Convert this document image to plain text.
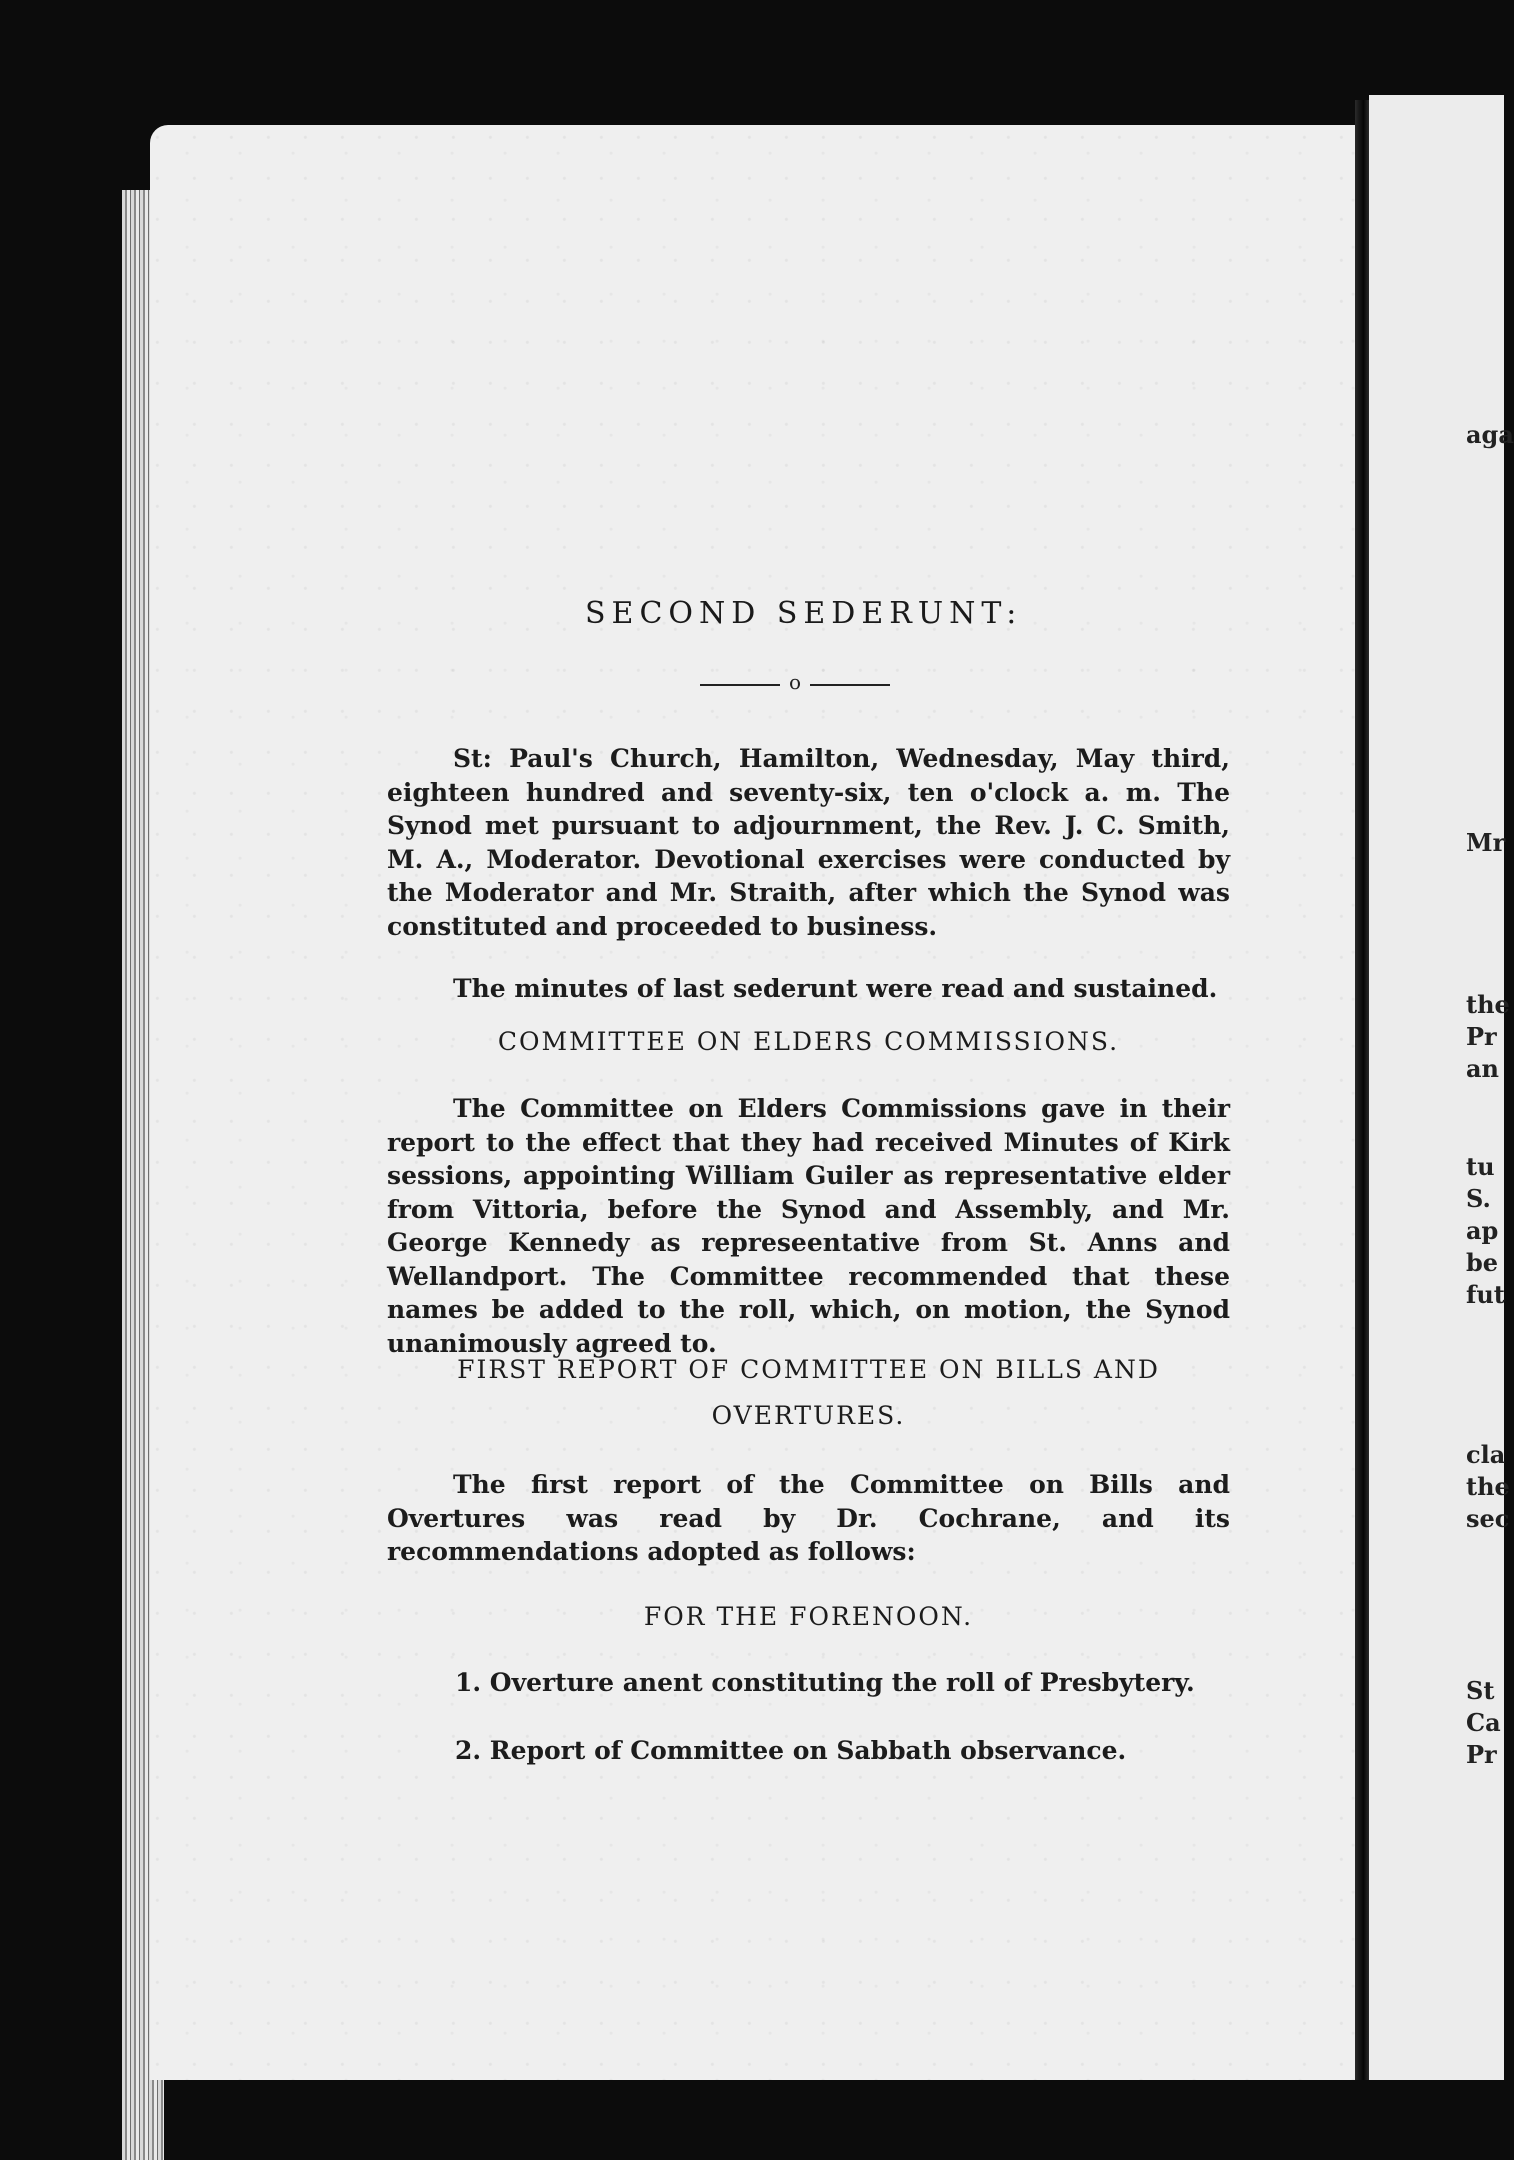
SECOND SEDERUNT:
o
St: Paul's Church, Hamilton, Wednesday, May third, eighteen hundred and seventy-six, ten o'clock a. m. The Synod met pursuant to adjournment, the Rev. J. C. Smith, M. A., Moderator. Devotional exercises were conducted by the Moderator and Mr. Straith, after which the Synod was constituted and proceeded to business.
The minutes of last sederunt were read and sustained.
COMMITTEE ON ELDERS COMMISSIONS.
The Committee on Elders Commissions gave in their report to the effect that they had received Minutes of Kirk sessions, appointing William Guiler as representative elder from Vittoria, before the Synod and Assembly, and Mr. George Kennedy as represeentative from St. Anns and Wellandport. The Committee recommended that these names be added to the roll, which, on motion, the Synod unanimously agreed to.
FIRST REPORT OF COMMITTEE ON BILLS AND
OVERTURES.
The first report of the Committee on Bills and Overtures was read by Dr. Cochrane, and its recommendations adopted as follows:
FOR THE FORENOON.
1. Overture anent constituting the roll of Presbytery.
2. Report of Committee on Sabbath observance.
aga
Mr
the
Pr
an
tu
S.
ap
be
fut
cla
the
sec
St
Ca
Pr
